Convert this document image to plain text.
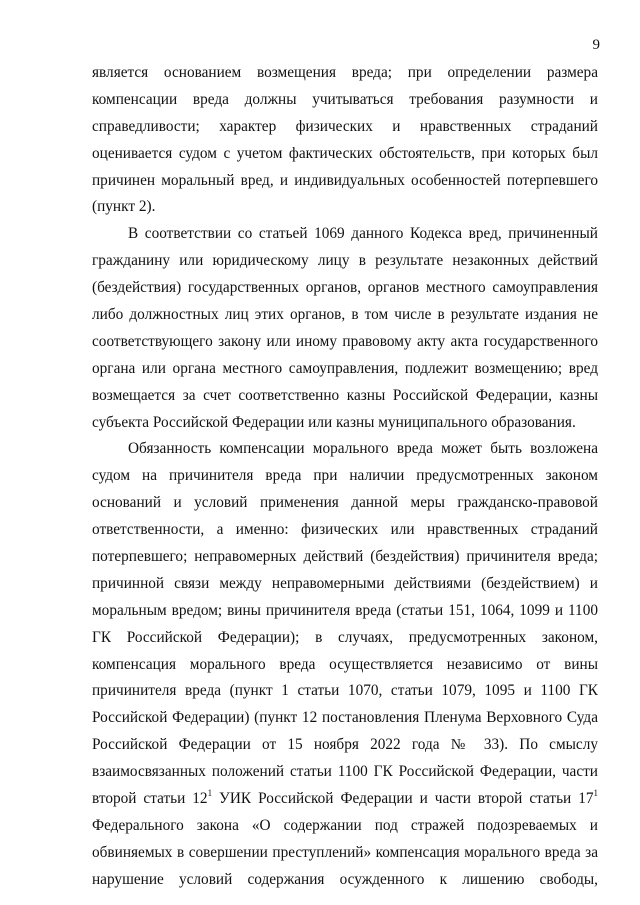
9

является основанием возмещения вреда; при определении размера
компенсации вреда должны учитываться требования разумности и
справедливости; характер физических и нравственных страданий
оценивается судом с учетом фактических обстоятельств, при которых был
причинен моральный вред, и индивидуальных особенностей потерпевшего
(пункт 2).

В соответствии со статьей 1069 данного Кодекса вред, причиненный
гражданину или юридическому лицу в результате незаконных действий
(бездействия) государственных органов, органов местного самоуправления
либо должностных лиц этих органов, в том числе в результате издания не
соответствующего закону или иному правовому акту акта государственного
органа или органа местного самоуправления, подлежит возмещению; вред
возмещается за счет соответственно казны Российской Федерации, казны
субъекта Российской Федерации или казны муниципального образования.

Обязанность компенсации морального вреда может быть возложена
судом на причинителя вреда при наличии предусмотренных законом
оснований и условий применения данной меры гражданско-правовой
ответственности, а именно: физических или нравственных страданий
потерпевшего; неправомерных действий (бездействия) причинителя вреда;
причинной связи между неправомерными действиями (бездействием) и
моральным вредом; вины причинителя вреда (статьи 151, 1064, 1099 и 1100
ГК Российской Федерации); в случаях, предусмотренных законом,
компенсация морального вреда осуществляется независимо от вины
причинителя вреда (пункт 1 статьи 1070, статьи 1079, 1095 и 1100 ГК
Российской Федерации) (пункт 12 постановления Пленума Верховного Суда
Российской Федерации от 15 ноября 2022 года № 33). По смыслу
взаимосвязанных положений статьи 1100 ГК Российской Федерации, части
второй статьи $12^1$ УИК Российской Федерации и части второй статьи $17^1$
Федерального закона «О содержании под стражей подозреваемых и
обвиняемых в совершении преступлений» компенсация морального вреда за
нарушение условий содержания осужденного к лишению свободы,
